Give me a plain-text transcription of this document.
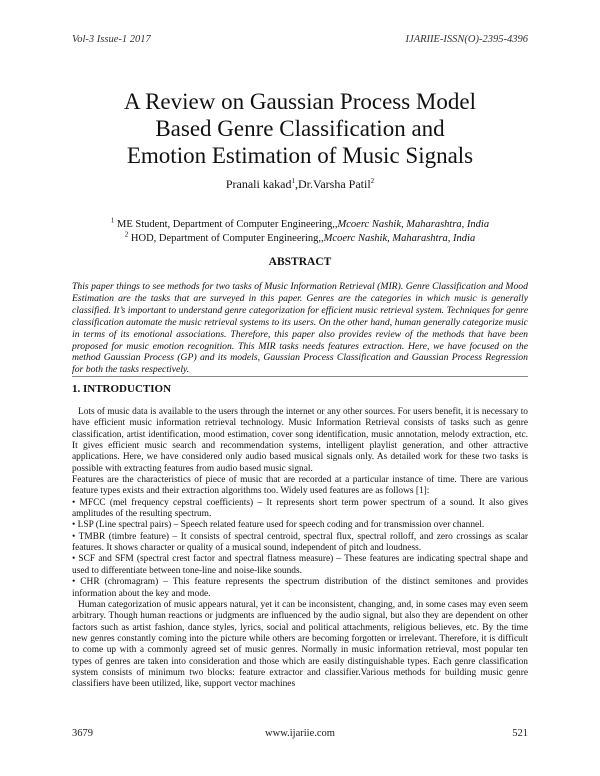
Vol-3 Issue-1 2017	IJARIIE-ISSN(O)-2395-4396
A Review on Gaussian Process Model
Based Genre Classification and
Emotion Estimation of Music Signals
Pranali kakad$^1$,Dr.Varsha Patil$^2$
$^1$ ME Student, Department of Computer Engineering,,Mcoerc Nashik, Maharashtra, India
$^2$ HOD, Department of Computer Engineering,,Mcoerc Nashik, Maharashtra, India
ABSTRACT
This paper things to see methods for two tasks of Music Information Retrieval (MIR). Genre Classification and Mood Estimation are the tasks that are surveyed in this paper. Genres are the categories in which music is generally classified. It’s important to understand genre categorization for efficient music retrieval system. Techniques for genre classification automate the music retrieval systems to its users. On the other hand, human generally categorize music in terms of its emotional associations. Therefore, this paper also provides review of the methods that have been proposed for music emotion recognition. This MIR tasks needs features extraction. Here, we have focused on the method Gaussian Process (GP) and its models, Gaussian Process Classification and Gaussian Process Regression for both the tasks respectively.
1. INTRODUCTION

Lots of music data is available to the users through the internet or any other sources. For users benefit, it is necessary to have efficient music information retrieval technology. Music Information Retrieval consists of tasks such as genre classification, artist identification, mood estimation, cover song identification, music annotation, melody extraction, etc. It gives efficient music search and recommendation systems, intelligent playlist generation, and other attractive applications. Here, we have considered only audio based musical signals only. As detailed work for these two tasks is possible with extracting features from audio based music signal.

Features are the characteristics of piece of music that are recorded at a particular instance of time. There are various feature types exists and their extraction algorithms too. Widely used features are as follows [1]:

• MFCC (mel frequency cepstral coefficients) – It represents short term power spectrum of a sound. It also gives amplitudes of the resulting spectrum.

• LSP (Line spectral pairs) – Speech related feature used for speech coding and for transmission over channel.

• TMBR (timbre feature) – It consists of spectral centroid, spectral flux, spectral rolloff, and zero crossings as scalar features. It shows character or quality of a musical sound, independent of pitch and loudness.

• SCF and SFM (spectral crest factor and spectral flatness measure) – These features are indicating spectral shape and used to differentiate between tone-line and noise-like sounds.

• CHR (chromagram) – This feature represents the spectrum distribution of the distinct semitones and provides information about the key and mode.

Human categorization of music appears natural, yet it can be inconsistent, changing, and, in some cases may even seem arbitrary. Though human reactions or judgments are influenced by the audio signal, but also they are dependent on other factors such as artist fashion, dance styles, lyrics, social and political attachments, religious believes, etc. By the time new genres constantly coming into the picture while others are becoming forgotten or irrelevant. Therefore, it is difficult to come up with a commonly agreed set of music genres. Normally in music information retrieval, most popular ten types of genres are taken into consideration and those which are easily distinguishable types. Each genre classification system consists of minimum two blocks: feature extractor and classifier.Various methods for building music genre classifiers have been utilized, like, support vector machines

3679	www.ijariie.com	521
